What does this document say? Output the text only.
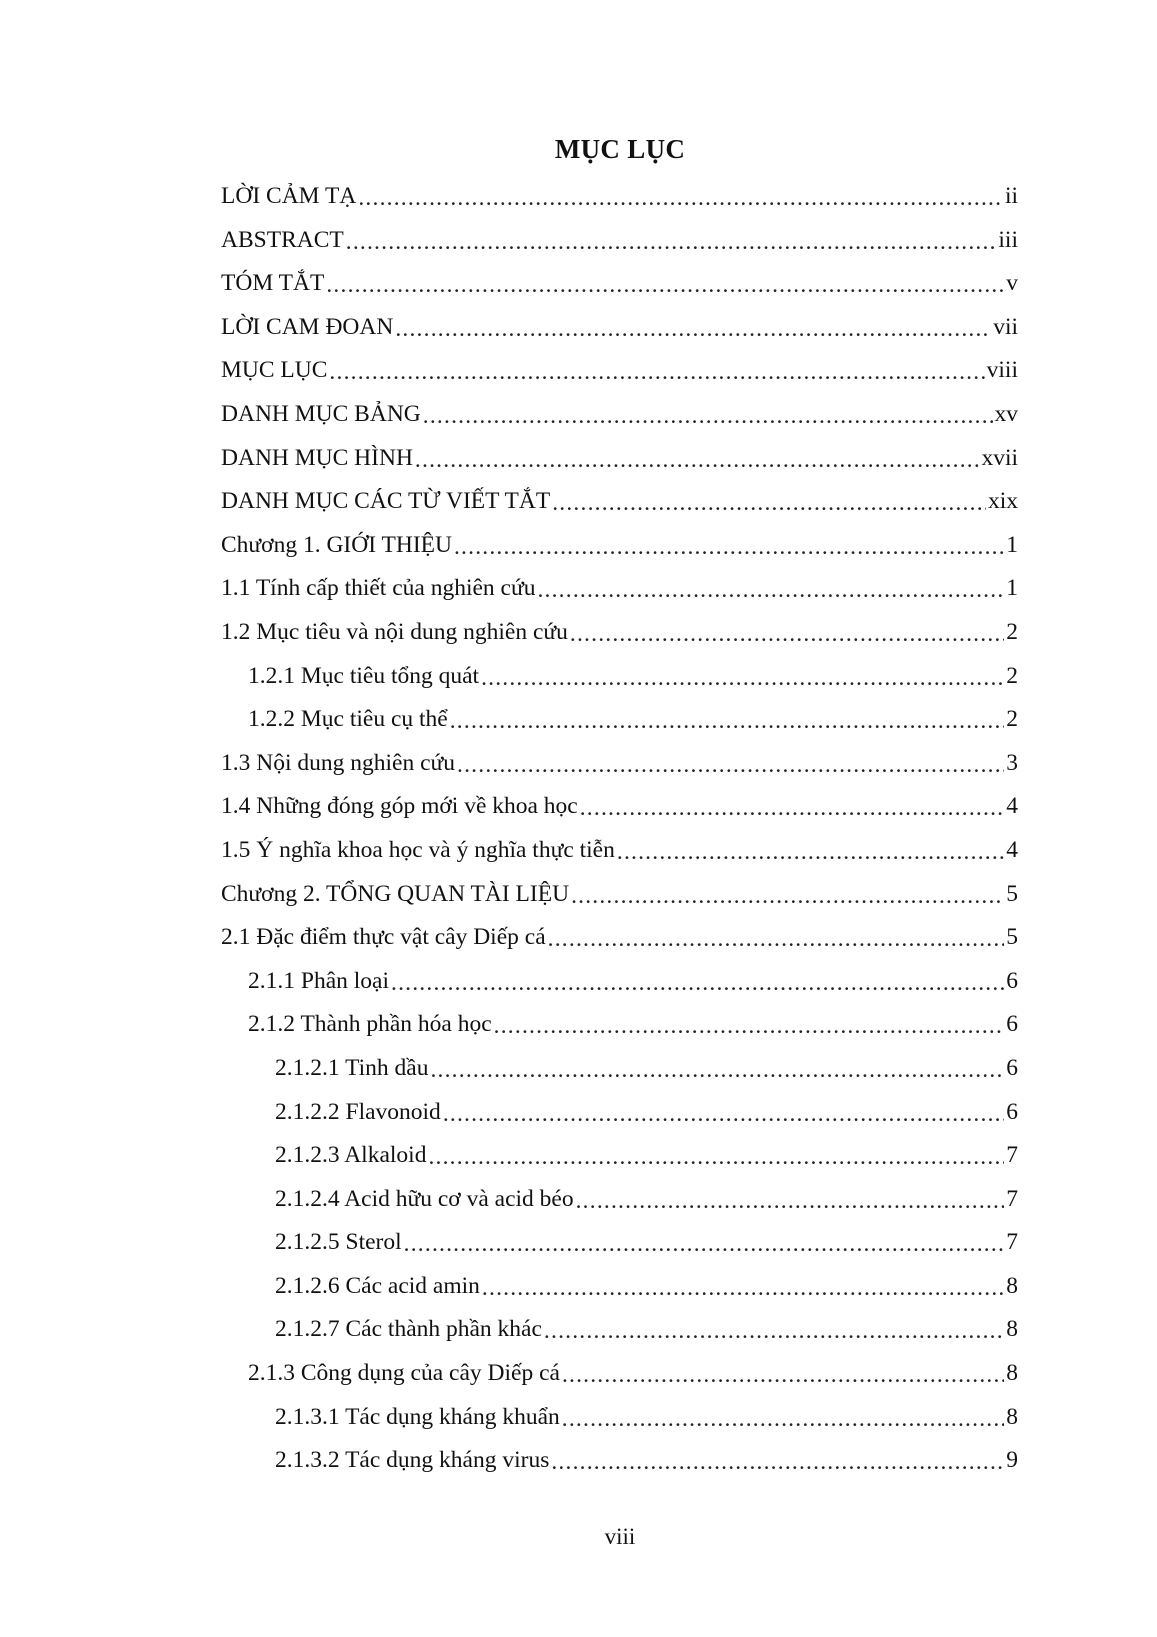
MỤC LỤC
LỜI CẢM TẠ .....	ii
ABSTRACT .....	iii
TÓM TẮT .....	v
LỜI CAM ĐOAN .....	vii
MỤC LỤC .....	viii
DANH MỤC BẢNG .....	xv
DANH MỤC HÌNH .....	xvii
DANH MỤC CÁC TỪ VIẾT TẮT .....	xix
Chương 1. GIỚI THIỆU .....	1
1.1 Tính cấp thiết của nghiên cứu .....	1
1.2 Mục tiêu và nội dung nghiên cứu .....	2
1.2.1 Mục tiêu tổng quát .....	2
1.2.2 Mục tiêu cụ thể .....	2
1.3 Nội dung nghiên cứu .....	3
1.4 Những đóng góp mới về khoa học .....	4
1.5 Ý nghĩa khoa học và ý nghĩa thực tiễn .....	4
Chương 2. TỔNG QUAN TÀI LIỆU .....	5
2.1 Đặc điểm thực vật cây Diếp cá .....	5
2.1.1 Phân loại .....	6
2.1.2 Thành phần hóa học .....	6
2.1.2.1 Tinh dầu .....	6
2.1.2.2 Flavonoid .....	6
2.1.2.3 Alkaloid .....	7
2.1.2.4 Acid hữu cơ và acid béo .....	7
2.1.2.5 Sterol .....	7
2.1.2.6 Các acid amin .....	8
2.1.2.7 Các thành phần khác .....	8
2.1.3 Công dụng của cây Diếp cá .....	8
2.1.3.1 Tác dụng kháng khuẩn .....	8
2.1.3.2 Tác dụng kháng virus .....	9
viii
